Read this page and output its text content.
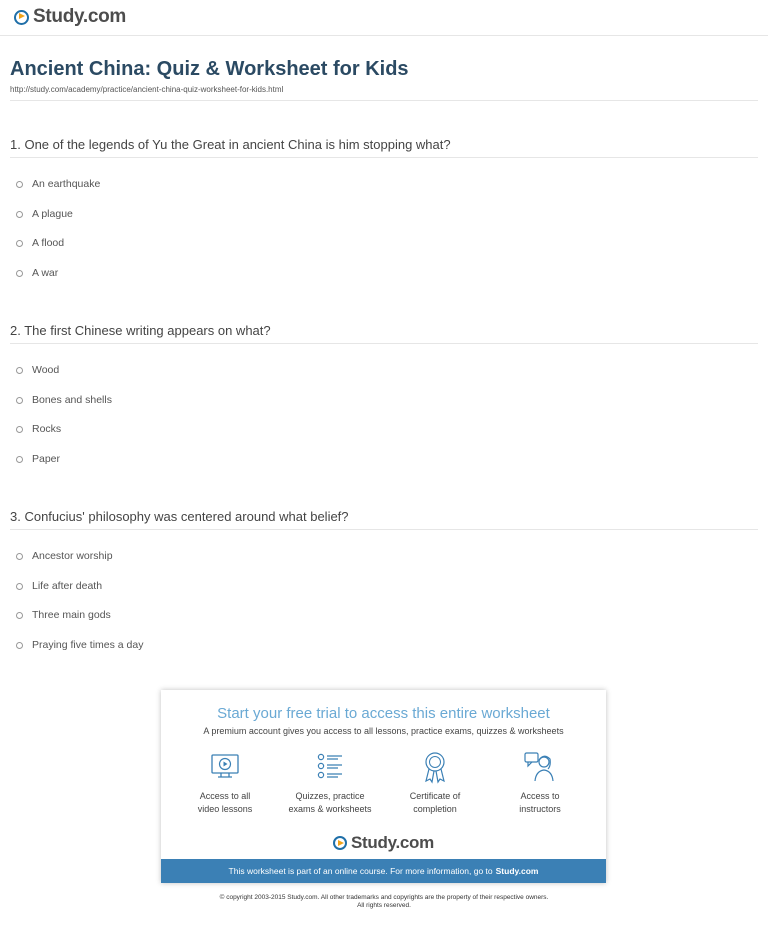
Study.com
Ancient China: Quiz & Worksheet for Kids
http://study.com/academy/practice/ancient-china-quiz-worksheet-for-kids.html
1. One of the legends of Yu the Great in ancient China is him stopping what?
An earthquake
A plague
A flood
A war
2. The first Chinese writing appears on what?
Wood
Bones and shells
Rocks
Paper
3. Confucius' philosophy was centered around what belief?
Ancestor worship
Life after death
Three main gods
Praying five times a day
Start your free trial to access this entire worksheet
A premium account gives you access to all lessons, practice exams, quizzes & worksheets
Access to all
video lessons
Quizzes, practice
exams & worksheets
Certificate of
completion
Access to
instructors
Study.com
This worksheet is part of an online course. For more information, go to Study.com
© copyright 2003-2015 Study.com. All other trademarks and copyrights are the property of their respective owners.
All rights reserved.
